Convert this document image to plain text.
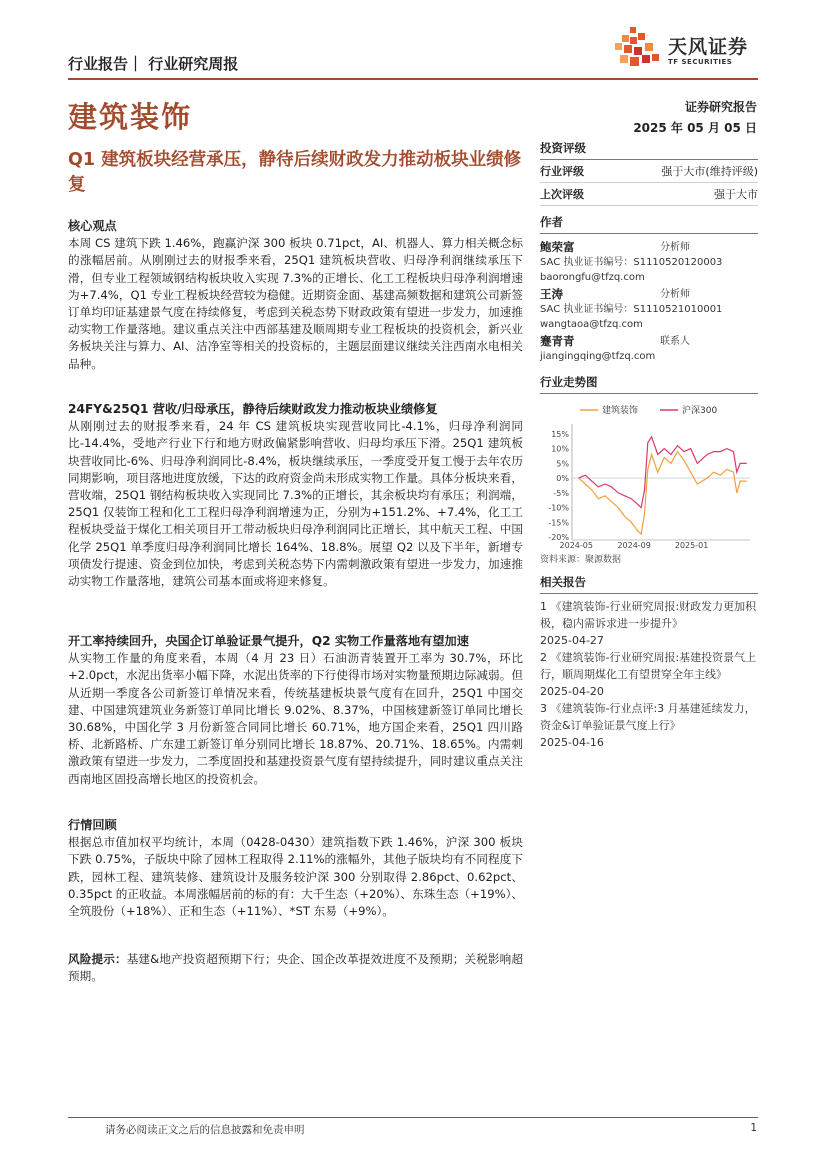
行业报告｜ 行业研究周报
天风证券
TF SECURITIES
建筑装饰	证券研究报告
2025 年 05 月 05 日
Q1 建筑板块经营承压，静待后续财政发力推动板块业绩修复
核心观点

本周 CS 建筑下跌 1.46%，跑赢沪深 300 板块 0.71pct，AI、机器人、算力相关概念标的涨幅居前。从刚刚过去的财报季来看，25Q1 建筑板块营收、归母净利润继续承压下滑，但专业工程领域钢结构板块收入实现 7.3%的正增长、化工工程板块归母净利润增速为+7.4%，Q1 专业工程板块经营较为稳健。近期资金面、基建高频数据和建筑公司新签订单均印证基建景气度在持续修复，考虑到关税态势下财政政策有望进一步发力，加速推动实物工作量落地。建议重点关注中西部基建及顺周期专业工程板块的投资机会，新兴业务板块关注与算力、AI、洁净室等相关的投资标的，主题层面建议继续关注西南水电相关品种。

24FY&25Q1 营收/归母承压，静待后续财政发力推动板块业绩修复

从刚刚过去的财报季来看，24 年 CS 建筑板块实现营收同比-4.1%，归母净利润同比-14.4%，受地产行业下行和地方财政偏紧影响营收、归母均承压下滑。25Q1 建筑板块营收同比-6%、归母净利润同比-8.4%，板块继续承压，一季度受开复工慢于去年农历同期影响，项目落地进度放缓，下达的政府资金尚未形成实物工作量。具体分板块来看，营收端，25Q1 钢结构板块收入实现同比 7.3%的正增长，其余板块均有承压；利润端，25Q1 仅装饰工程和化工工程归母净利润增速为正，分别为+151.2%、+7.4%，化工工程板块受益于煤化工相关项目开工带动板块归母净利润同比正增长，其中航天工程、中国化学 25Q1 单季度归母净利润同比增长 164%、18.8%。展望 Q2 以及下半年，新增专项债发行提速、资金到位加快，考虑到关税态势下内需刺激政策有望进一步发力，加速推动实物工作量落地，建筑公司基本面或将迎来修复。

开工率持续回升，央国企订单验证景气提升，Q2 实物工作量落地有望加速

从实物工作量的角度来看，本周（4 月 23 日）石油沥青装置开工率为 30.7%，环比+2.0pct，水泥出货率小幅下降，水泥出货率的下行使得市场对实物量预期边际减弱。但从近期一季度各公司新签订单情况来看，传统基建板块景气度有在回升，25Q1 中国交建、中国建筑建筑业务新签订单同比增长 9.02%、8.37%，中国核建新签订单同比增长 30.68%，中国化学 3 月份新签合同同比增长 60.71%，地方国企来看，25Q1 四川路桥、北新路桥、广东建工新签订单分别同比增长 18.87%、20.71%、18.65%。内需刺激政策有望进一步发力，二季度固投和基建投资景气度有望持续提升，同时建议重点关注西南地区固投高增长地区的投资机会。

行情回顾

根据总市值加权平均统计，本周（0428-0430）建筑指数下跌 1.46%，沪深 300 板块下跌 0.75%，子版块中除了园林工程取得 2.11%的涨幅外，其他子版块均有不同程度下跌，园林工程、建筑装修、建筑设计及服务较沪深 300 分别取得 2.86pct、0.62pct、0.35pct 的正收益。本周涨幅居前的标的有：大千生态（+20%）、东珠生态（+19%）、全筑股份（+18%）、正和生态（+11%）、*ST 东易（+9%）。

风险提示：基建&地产投资超预期下行；央企、国企改革提效进度不及预期；关税影响超预期。

投资评级
行业评级	强于大市(维持评级)
上次评级	强于大市
作者
鲍荣富	分析师
SAC 执业证书编号：S1110520120003
baorongfu@tfzq.com
王涛	分析师
SAC 执业证书编号：S1110521010001
wangtaoa@tfzq.com
蹇青青	联系人
jiangingqing@tfzq.com
行业走势图
建筑装饰	沪深300
15%
10%
5%
0%
-5%
-10%
-15%
-20%
2024-05	2024-09	2025-01
资料来源：聚源数据
相关报告
1 《建筑装饰-行业研究周报:财政发力更加积极，稳内需诉求进一步提升》
2025-04-27
2 《建筑装饰-行业研究周报:基建投资景气上行，顺周期煤化工有望贯穿全年主线》
2025-04-20
3 《建筑装饰-行业点评:3 月基建延续发力，资金&订单验证景气度上行》
2025-04-16
请务必阅读正文之后的信息披露和免责申明	1
